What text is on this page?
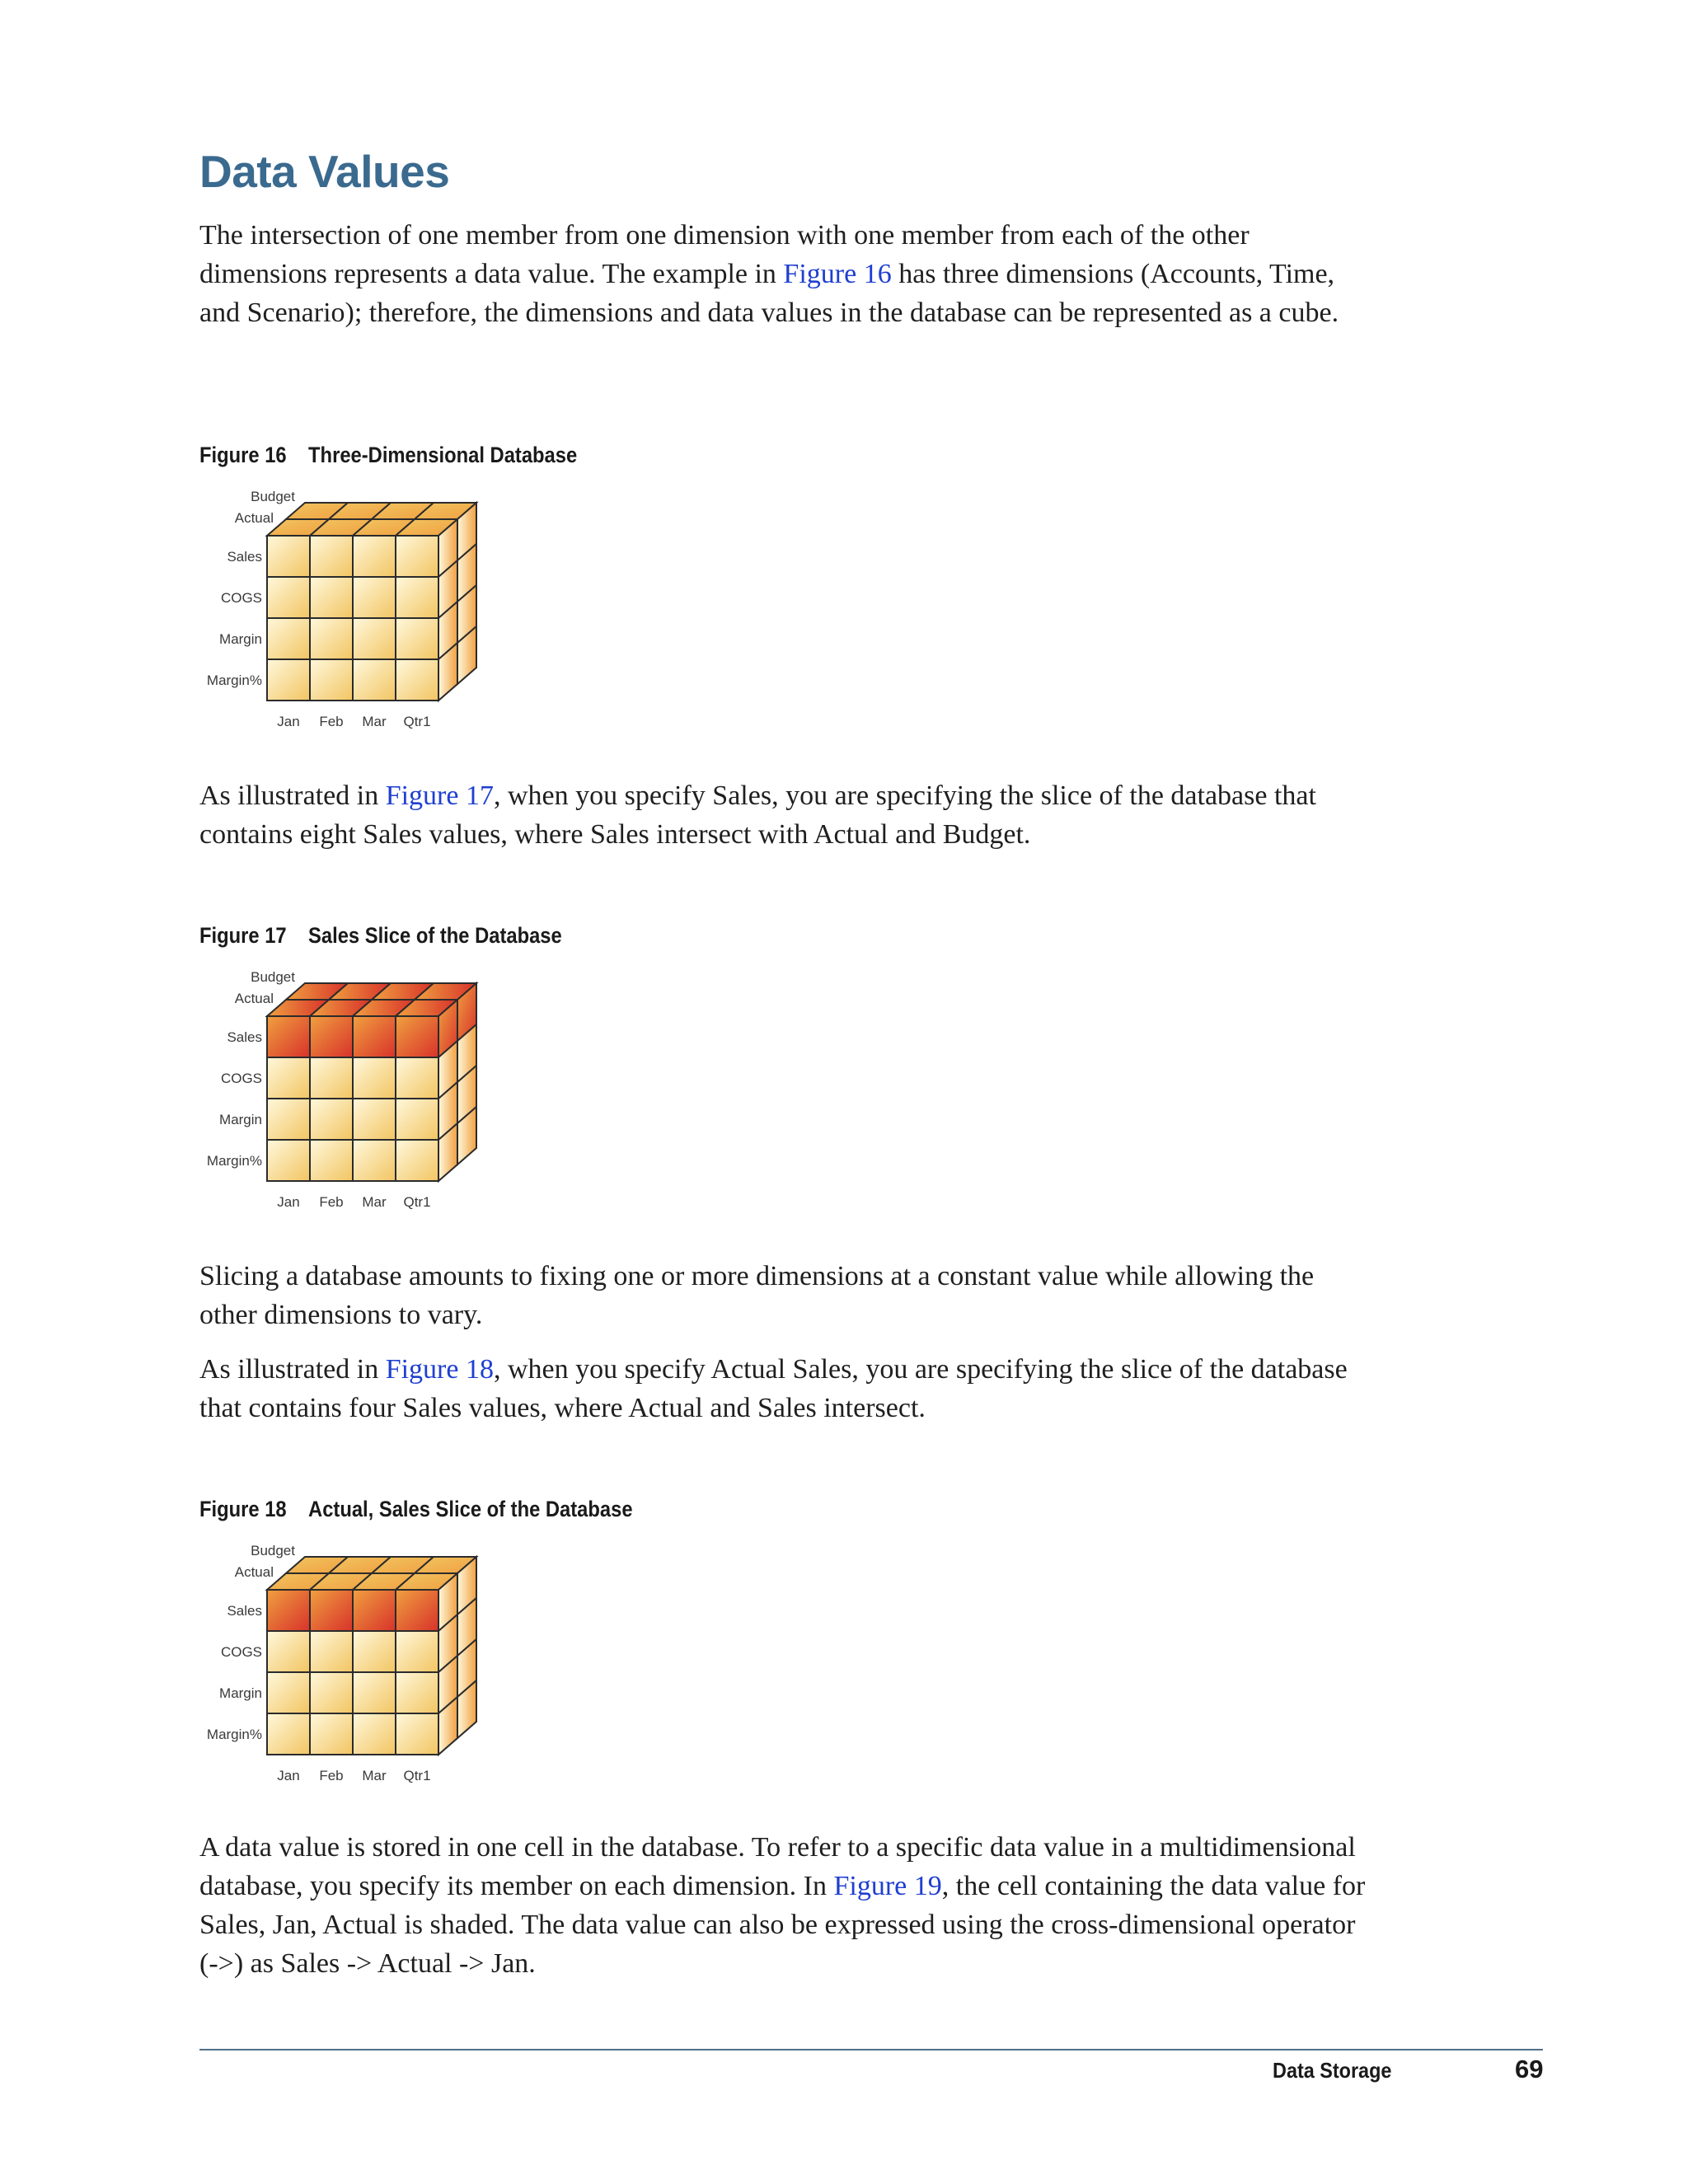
Data Values

The intersection of one member from one dimension with one member from each of the other dimensions represents a data value. The example in Figure 16 has three dimensions (Accounts, Time, and Scenario); therefore, the dimensions and data values in the database can be represented as a cube.

Figure 16 Three-Dimensional Database
Budget
Actual
Sales
COGS
Margin
Margin%
Jan Feb Mar Qtr1

As illustrated in Figure 17, when you specify Sales, you are specifying the slice of the database that contains eight Sales values, where Sales intersect with Actual and Budget.

Figure 17 Sales Slice of the Database
Budget
Actual
Sales
COGS
Margin
Margin%
Jan Feb Mar Qtr1

Slicing a database amounts to fixing one or more dimensions at a constant value while allowing the other dimensions to vary.

As illustrated in Figure 18, when you specify Actual Sales, you are specifying the slice of the database that contains four Sales values, where Actual and Sales intersect.

Figure 18 Actual, Sales Slice of the Database
Budget
Actual
Sales
COGS
Margin
Margin%
Jan Feb Mar Qtr1

A data value is stored in one cell in the database. To refer to a specific data value in a multidimensional database, you specify its member on each dimension. In Figure 19, the cell containing the data value for Sales, Jan, Actual is shaded. The data value can also be expressed using the cross-dimensional operator (->) as Sales -> Actual -> Jan.

Data Storage	69
